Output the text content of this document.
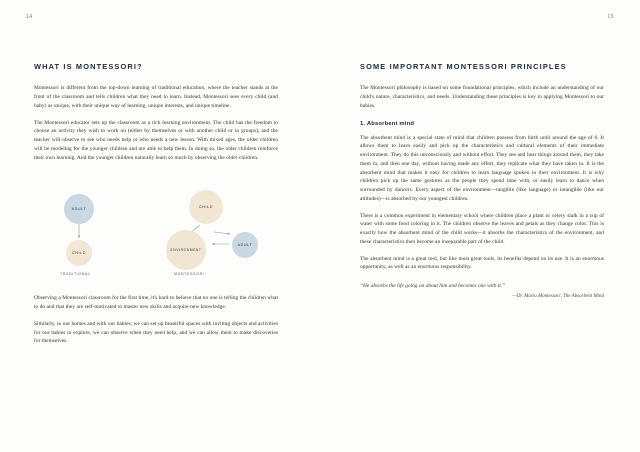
14	15
WHAT IS MONTESSORI?

Montessori is different from the top-down learning of traditional education, where the teacher stands at the front of the classroom and tells children what they need to learn. Instead, Montessori sees every child (and baby) as unique, with their unique way of learning, unique interests, and unique timeline.

The Montessori educator sets up the classroom as a rich learning environment. The child has the freedom to choose an activity they wish to work on (either by themselves or with another child or in groups), and the teacher will observe to see who needs help or who needs a new lesson. With mixed ages, the older children will be modeling for the younger children and are able to help them. In doing so, the older children reinforce their own learning. And the younger children naturally learn so much by observing the older children.

ADULT
CHILD
TRADITIONAL
CHILD
ENVIRONMENT
ADULT
MONTESSORI

Observing a Montessori classroom for the first time, it's hard to believe that no one is telling the children what to do and that they are self-motivated to master new skills and acquire new knowledge.

Similarly, in our homes and with our babies, we can set up beautiful spaces with inviting objects and activities for our babies to explore, we can observe when they need help, and we can allow them to make discoveries for themselves.

SOME IMPORTANT MONTESSORI PRINCIPLES

The Montessori philosophy is based on some foundational principles, which include an understanding of our child's nature, characteristics, and needs. Understanding these principles is key in applying Montessori to our babies.

1. Absorbent mind

The absorbent mind is a special state of mind that children possess from birth until around the age of 6. It allows them to learn easily and pick up the characteristics and cultural elements of their immediate environment. They do this unconsciously and without effort. They see and hear things around them, they take them in, and then one day, without having made any effort, they replicate what they have taken in. It is the absorbent mind that makes it easy for children to learn language spoken in their environment. It is why children pick up the same gestures as the people they spend time with, or easily learn to dance when surrounded by dancers. Every aspect of the environment—tangible (like language) or intangible (like our attitudes)—is absorbed by our youngest children.

There is a common experiment in elementary school where children place a plant or celery stalk in a cup of water with some food coloring in it. The children observe the leaves and petals as they change color. This is exactly how the absorbent mind of the child works—it absorbs the characteristics of the environment, and these characteristics then become an inseparable part of the child.

The absorbent mind is a great tool, but like most great tools, its benefits depend on its use. It is an enormous opportunity, as well as an enormous responsibility.

“He absorbs the life going on about him and becomes one with it.”

—Dr. Maria Montessori, The Absorbent Mind
